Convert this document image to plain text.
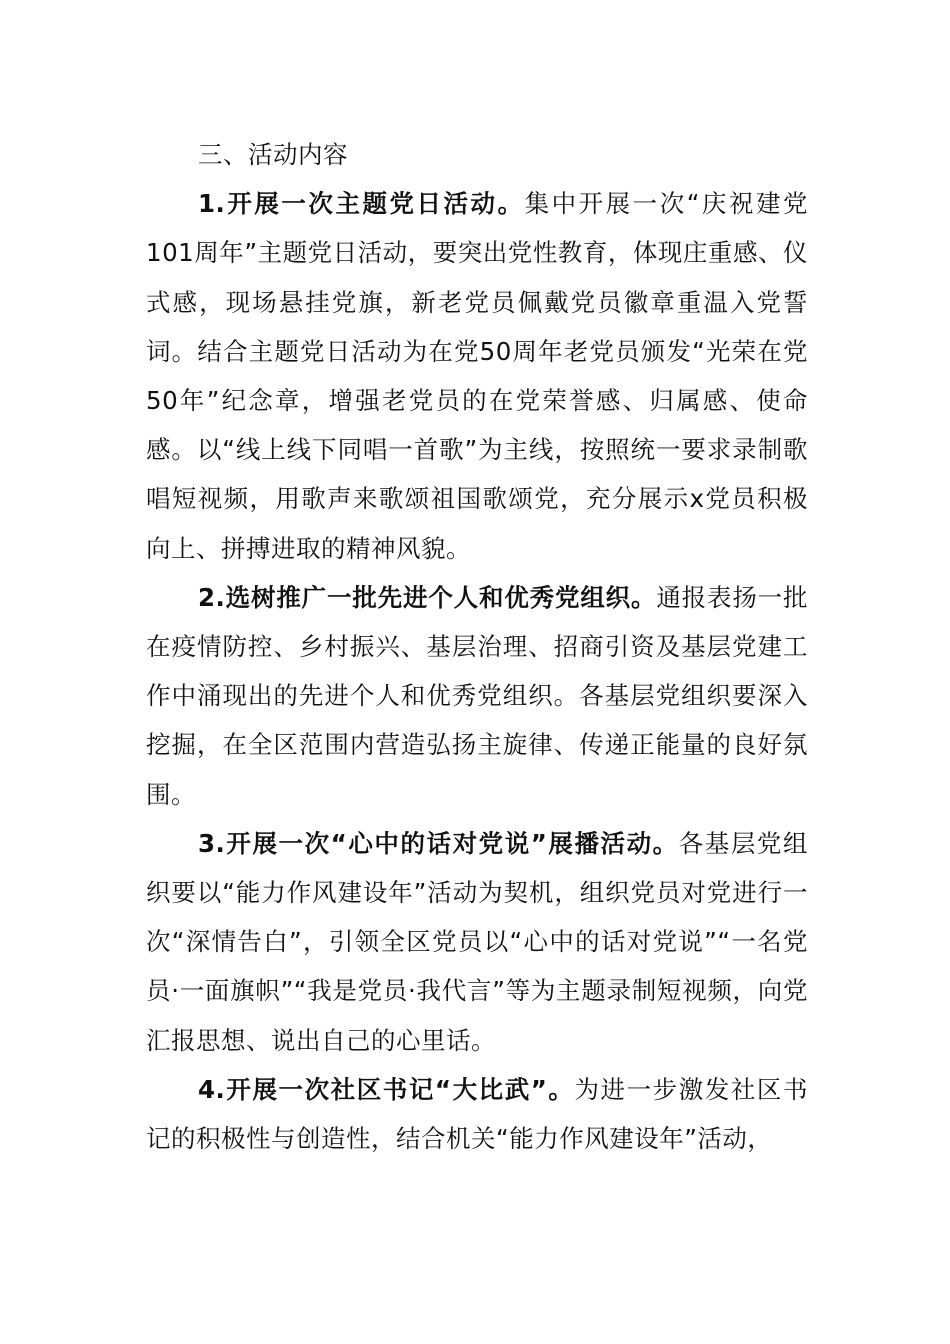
三、活动内容

1.开展一次主题党日活动。集中开展一次“庆祝建党101周年”主题党日活动，要突出党性教育，体现庄重感、仪式感，现场悬挂党旗，新老党员佩戴党员徽章重温入党誓词。结合主题党日活动为在党50周年老党员颁发“光荣在党50年”纪念章，增强老党员的在党荣誉感、归属感、使命感。以“线上线下同唱一首歌”为主线，按照统一要求录制歌唱短视频，用歌声来歌颂祖国歌颂党，充分展示x党员积极向上、拼搏进取的精神风貌。

2.选树推广一批先进个人和优秀党组织。通报表扬一批在疫情防控、乡村振兴、基层治理、招商引资及基层党建工作中涌现出的先进个人和优秀党组织。各基层党组织要深入挖掘，在全区范围内营造弘扬主旋律、传递正能量的良好氛围。

3.开展一次“心中的话对党说”展播活动。各基层党组织要以“能力作风建设年”活动为契机，组织党员对党进行一次“深情告白”，引领全区党员以“心中的话对党说”“一名党员·一面旗帜”“我是党员·我代言”等为主题录制短视频，向党汇报思想、说出自己的心里话。

4.开展一次社区书记“大比武”。为进一步激发社区书记的积极性与创造性，结合机关“能力作风建设年”活动，
